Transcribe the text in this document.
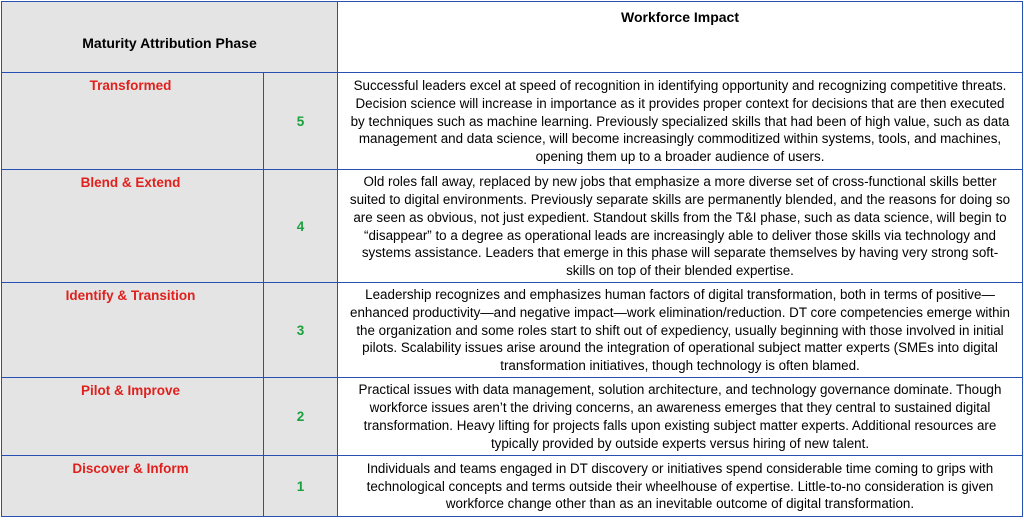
Maturity Attribution Phase		Workforce Impact

Transformed	5	Successful leaders excel at speed of recognition in identifying opportunity and recognizing competitive threats. Decision science will increase in importance as it provides proper context for decisions that are then executed by techniques such as machine learning. Previously specialized skills that had been of high value, such as data management and data science, will become increasingly commoditized within systems, tools, and machines, opening them up to a broader audience of users.

Blend & Extend	4	Old roles fall away, replaced by new jobs that emphasize a more diverse set of cross-functional skills better suited to digital environments. Previously separate skills are permanently blended, and the reasons for doing so are seen as obvious, not just expedient. Standout skills from the T&I phase, such as data science, will begin to “disappear” to a degree as operational leads are increasingly able to deliver those skills via technology and systems assistance. Leaders that emerge in this phase will separate themselves by having very strong soft-skills on top of their blended expertise.

Identify & Transition	3	Leadership recognizes and emphasizes human factors of digital transformation, both in terms of positive—enhanced productivity—and negative impact—work elimination/reduction. DT core competencies emerge within the organization and some roles start to shift out of expediency, usually beginning with those involved in initial pilots. Scalability issues arise around the integration of operational subject matter experts (SMEs into digital transformation initiatives, though technology is often blamed.

Pilot & Improve	2	Practical issues with data management, solution architecture, and technology governance dominate. Though workforce issues aren’t the driving concerns, an awareness emerges that they central to sustained digital transformation. Heavy lifting for projects falls upon existing subject matter experts. Additional resources are typically provided by outside experts versus hiring of new talent.

Discover & Inform	1	Individuals and teams engaged in DT discovery or initiatives spend considerable time coming to grips with technological concepts and terms outside their wheelhouse of expertise. Little-to-no consideration is given workforce change other than as an inevitable outcome of digital transformation.
